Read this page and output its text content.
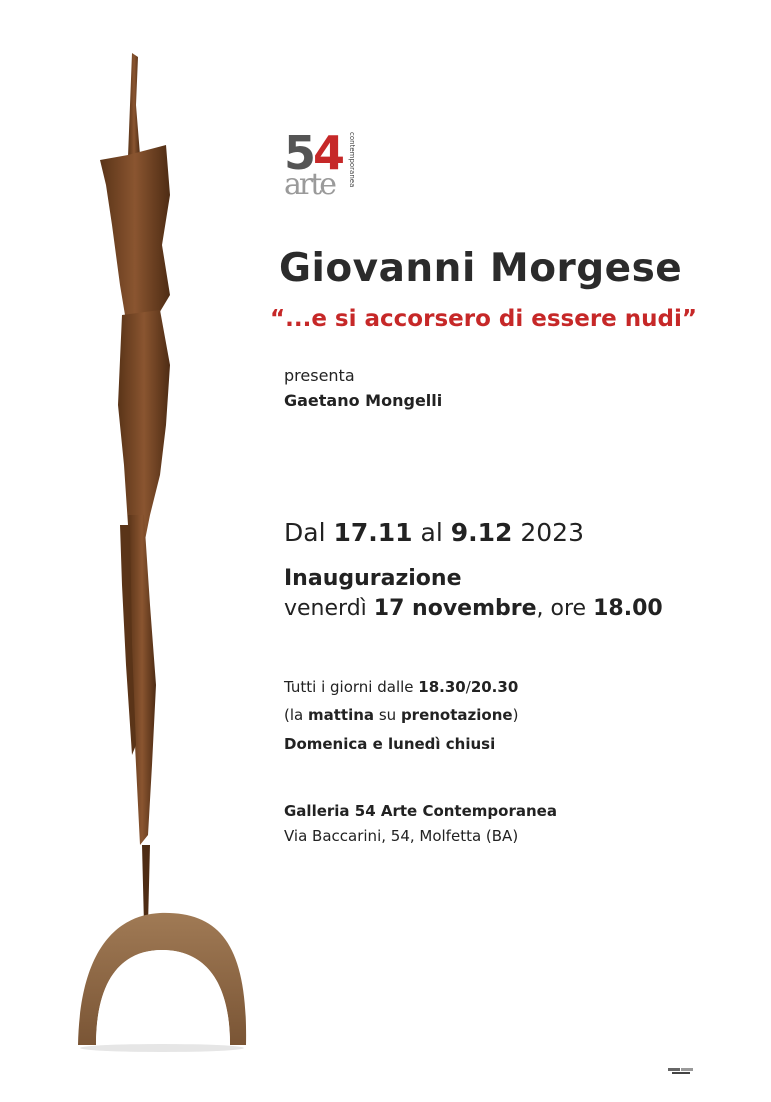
54
arte contemporanea
Giovanni Morgese
“...e si accorsero di essere nudi”
presenta
Gaetano Mongelli
Dal 17.11 al 9.12 2023
Inaugurazione
venerdì 17 novembre, ore 18.00
Tutti i giorni dalle 18.30/20.30
(la mattina su prenotazione)
Domenica e lunedì chiusi
Galleria 54 Arte Contemporanea
Via Baccarini, 54, Molfetta (BA)
